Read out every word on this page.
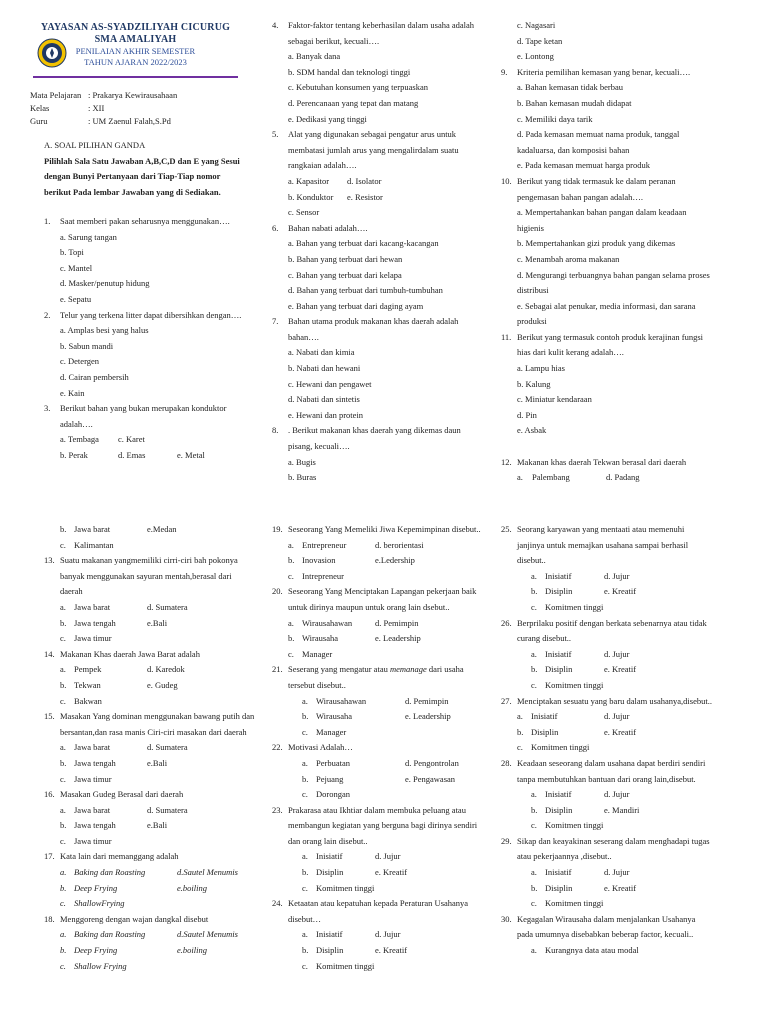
YAYASAN AS-SYADZILIYAH CICURUG
SMA AMALIYAH
PENILAIAN AKHIR SEMESTER
TAHUN AJARAN 2022/2023
Mata Pelajaran : Prakarya Kewirausahaan
Kelas	: XII
Guru	: UM Zaenul Falah,S.Pd
A. SOAL PILIHAN GANDA
Pilihlah Sala Satu Jawaban A,B,C,D dan E yang Sesui dengan Bunyi Pertanyaan dari Tiap-Tiap nomor berikut Pada lembar Jawaban yang di Sediakan.
1. Saat memberi pakan seharusnya menggunakan….
a. Sarung tangan
b. Topi
c. Mantel
d. Masker/penutup hidung
e. Sepatu
2. Telur yang terkena litter dapat dibersihkan dengan….
a. Amplas besi yang halus
b. Sabun mandi
c. Detergen
d. Cairan pembersih
e. Kain
3. Berikut bahan yang bukan merupakan konduktor adalah….
a. Tembaga c. Karet
b. Perak	d. Emas	e. Metal
4. Faktor-faktor tentang keberhasilan dalam usaha adalah sebagai berikut, kecuali….
a. Banyak dana
b. SDM handal dan teknologi tinggi
c. Kebutuhan konsumen yang terpuaskan
d. Perencanaan yang tepat dan matang
e. Dedikasi yang tinggi
5. Alat yang digunakan sebagai pengatur arus untuk membatasi jumlah arus yang mengalirdalam suatu rangkaian adalah….
a. Kapasitor d. Isolator
b. Konduktor e. Resistor
c. Sensor
6. Bahan nabati adalah….
a. Bahan yang terbuat dari kacang-kacangan
b. Bahan yang terbuat dari hewan
c. Bahan yang terbuat dari kelapa
d. Bahan yang terbuat dari tumbuh-tumbuhan
e. Bahan yang terbuat dari daging ayam
7. Bahan utama produk makanan khas daerah adalah bahan….
a. Nabati dan kimia
b. Nabati dan hewani
c. Hewani dan pengawet
d. Nabati dan sintetis
e. Hewani dan protein
8. . Berikut makanan khas daerah yang dikemas daun pisang, kecuali….
a. Bugis
b. Buras
c. Nagasari
d. Tape ketan
e. Lontong
9. Kriteria pemilihan kemasan yang benar, kecuali….
a. Bahan kemasan tidak berbau
b. Bahan kemasan mudah didapat
c. Memiliki daya tarik
d. Pada kemasan memuat nama produk, tanggal kadaluarsa, dan komposisi bahan
e. Pada kemasan memuat harga produk
10. Berikut yang tidak termasuk ke dalam peranan pengemasan bahan pangan adalah….
a. Mempertahankan bahan pangan dalam keadaan higienis
b. Mempertahankan gizi produk yang dikemas
c. Menambah aroma makanan
d. Mengurangi terbuangnya bahan pangan selama proses distribusi
e. Sebagai alat penukar, media informasi, dan sarana produksi
11. Berikut yang termasuk contoh produk kerajinan fungsi hias dari kulit kerang adalah….
a. Lampu hias
b. Kalung
c. Miniatur kendaraan
d. Pin
e. Asbak
12. Makanan khas daerah Tekwan berasal dari daerah
a. Palembang	d. Padang
b. Jawa barat	e.Medan
c. Kalimantan
13. Suatu makanan yangmemiliki cirri-ciri bah pokonya banyak menggunakan sayuran mentah,berasal dari daerah
a. Jawa barat	d. Sumatera
b. Jawa tengah	e.Bali
c. Jawa timur
14. Makanan Khas daerah Jawa Barat adalah
a. Pempek	d. Karedok
b. Tekwan	e. Gudeg
c. Bakwan
15. Masakan Yang dominan menggunakan bawang putih dan bersantan,dan rasa manis Ciri-ciri masakan dari daerah
a. Jawa barat	d. Sumatera
b. Jawa tengah	e.Bali
c. Jawa timur
16. Masakan Gudeg Berasal dari daerah
a. Jawa barat	d. Sumatera
b. Jawa tengah	e.Bali
c. Jawa timur
17. Kata lain dari memanggang adalah
a. Baking dan Roasting	d.Sautel Menumis
b. Deep Frying	e.boiling
c. ShallowFrying
18. Menggoreng dengan wajan dangkal disebut
a. Baking dan Roasting	d.Sautel Menumis
b. Deep Frying	e.boiling
c. Shallow Frying
19. Seseorang Yang Memeliki Jiwa Kepemimpinan disebut..
a. Entrepreneur	d. berorientasi
b. Inovasion	e.Ledership
c. Intrepreneur
20. Seseorang Yang Menciptakan Lapangan pekerjaan baik untuk dirinya maupun untuk orang lain dsebut..
a. Wirausahawan	d. Pemimpin
b. Wirausaha	e. Leadership
c. Manager
21. Seserang yang mengatur atau memanage dari usaha tersebut disebut..
a. Wirausahawan	d. Pemimpin
b. Wirausaha	e. Leadership
c. Manager
22. Motivasi Adalah…
a. Perbuatan	d. Pengontrolan
b. Pejuang	e. Pengawasan
c. Dorongan
23. Prakarasa atau Ikhtiar dalam membuka peluang atau membangun kegiatan yang berguna bagi dirinya sendiri dan orang lain disebut..
a. Inisiatif	d. Jujur
b. Disiplin	e. Kreatif
c. Komitmen tinggi
24. Ketaatan atau kepatuhan kepada Peraturan Usahanya disebut…
a. Inisiatif	d. Jujur
b. Disiplin	e. Kreatif
c. Komitmen tinggi
25. Seorang karyawan yang mentaati atau memenuhi janjinya untuk memajkan usahana sampai berhasil disebut..
a. Inisiatif	d. Jujur
b. Disiplin	e. Kreatif
c. Komitmen tinggi
26. Berprilaku positif dengan berkata sebenarnya atau tidak curang disebut..
a. Inisiatif	d. Jujur
b. Disiplin	e. Kreatif
c. Komitmen tinggi
27. Menciptakan sesuatu yang baru dalam usahanya,disebut..
a. Inisiatif	d. Jujur
b. Disiplin	e. Kreatif
c. Komitmen tinggi
28. Keadaan seseorang dalam usahana dapat berdiri sendiri tanpa membutuhkan bantuan dari orang lain,disebut.
a. Inisiatif	d. Jujur
b. Disiplin	e. Mandiri
c. Komitmen tinggi
29. Sikap dan keayakinan seserang dalam menghadapi tugas atau pekerjaannya ,disebut..
a. Inisiatif	d. Jujur
b. Disiplin	e. Kreatif
c. Komitmen tinggi
30. Kegagalan Wirausaha dalam menjalankan Usahanya pada umumnya disebabkan beberap factor, kecuali..
a. Kurangnya data atau modal
